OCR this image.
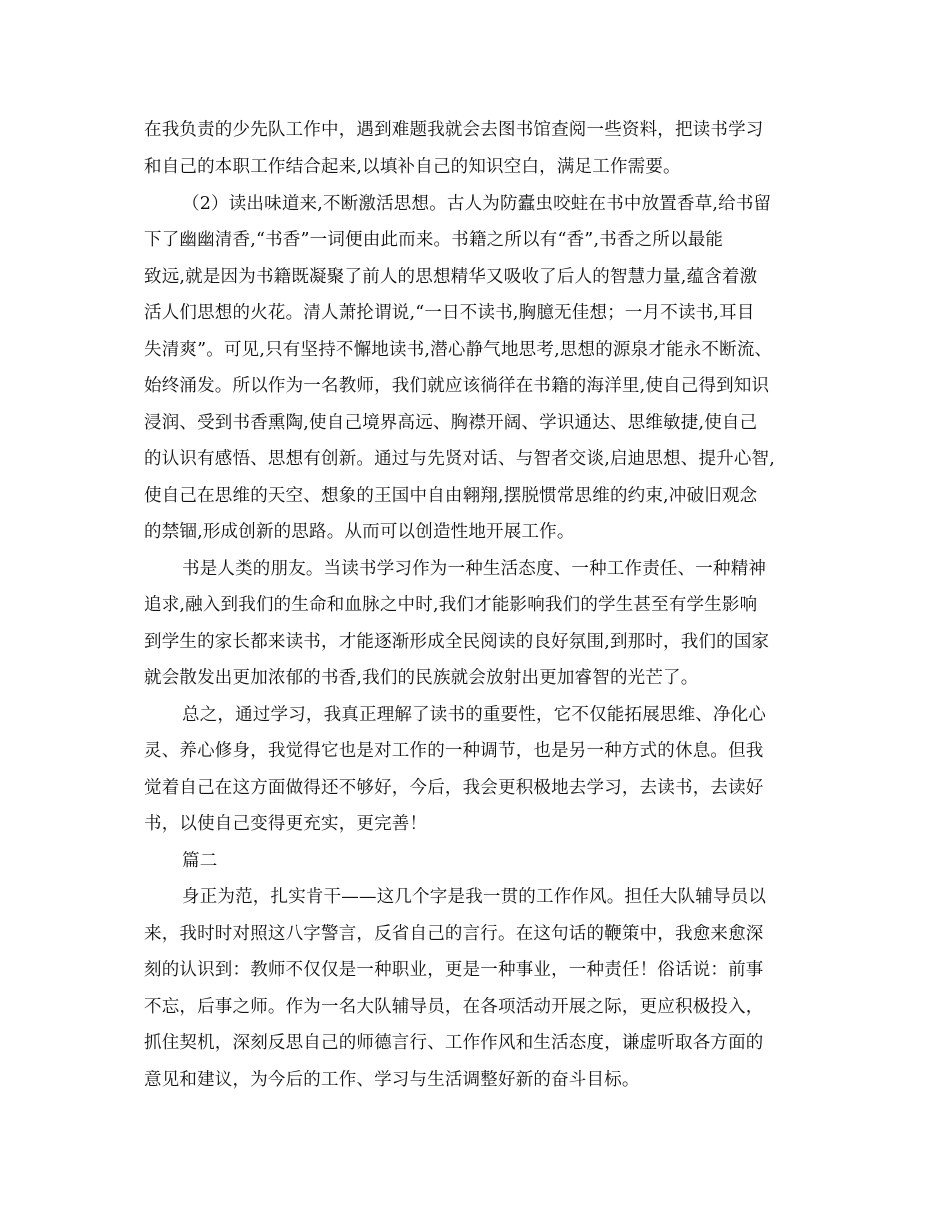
在我负责的少先队工作中，遇到难题我就会去图书馆查阅一些资料，把读书学习
和自己的本职工作结合起来,以填补自己的知识空白，满足工作需要。
（2）读出味道来,不断激活思想。古人为防蠹虫咬蛀在书中放置香草,给书留
下了幽幽清香,“书香”一词便由此而来。书籍之所以有“香”,书香之所以最能
致远,就是因为书籍既凝聚了前人的思想精华又吸收了后人的智慧力量,蕴含着激
活人们思想的火花。清人萧抡谓说,“一日不读书,胸臆无佳想；一月不读书,耳目
失清爽”。可见,只有坚持不懈地读书,潜心静气地思考,思想的源泉才能永不断流、
始终涌发。所以作为一名教师，我们就应该徜徉在书籍的海洋里,使自己得到知识
浸润、受到书香熏陶,使自己境界高远、胸襟开阔、学识通达、思维敏捷,使自己
的认识有感悟、思想有创新。通过与先贤对话、与智者交谈,启迪思想、提升心智,
使自己在思维的天空、想象的王国中自由翱翔,摆脱惯常思维的约束,冲破旧观念
的禁锢,形成创新的思路。从而可以创造性地开展工作。
书是人类的朋友。当读书学习作为一种生活态度、一种工作责任、一种精神
追求,融入到我们的生命和血脉之中时,我们才能影响我们的学生甚至有学生影响
到学生的家长都来读书，才能逐渐形成全民阅读的良好氛围,到那时，我们的国家
就会散发出更加浓郁的书香,我们的民族就会放射出更加睿智的光芒了。
总之，通过学习，我真正理解了读书的重要性，它不仅能拓展思维、净化心
灵、养心修身，我觉得它也是对工作的一种调节，也是另一种方式的休息。但我
觉着自己在这方面做得还不够好，今后，我会更积极地去学习，去读书，去读好
书，以使自己变得更充实，更完善！
篇二
身正为范，扎实肯干——这几个字是我一贯的工作作风。担任大队辅导员以
来，我时时对照这八字警言，反省自己的言行。在这句话的鞭策中，我愈来愈深
刻的认识到：教师不仅仅是一种职业，更是一种事业，一种责任！俗话说：前事
不忘，后事之师。作为一名大队辅导员，在各项活动开展之际，更应积极投入，
抓住契机，深刻反思自己的师德言行、工作作风和生活态度，谦虚听取各方面的
意见和建议，为今后的工作、学习与生活调整好新的奋斗目标。
